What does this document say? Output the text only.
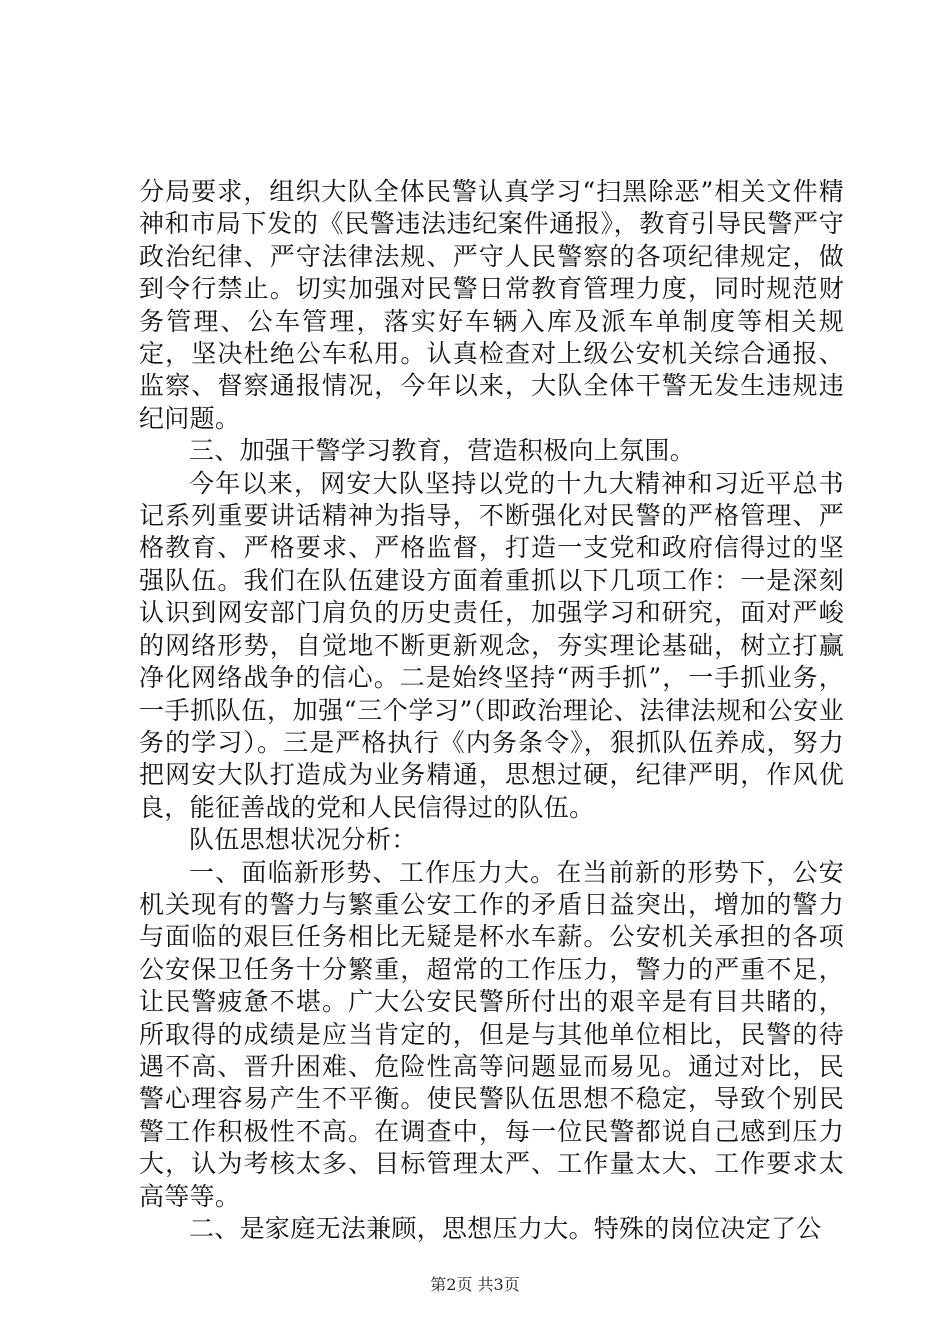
分局要求，组织大队全体民警认真学习“扫黑除恶”相关文件精神和市局下发的《民警违法违纪案件通报》，教育引导民警严守政治纪律、严守法律法规、严守人民警察的各项纪律规定，做到令行禁止。切实加强对民警日常教育管理力度，同时规范财务管理、公车管理，落实好车辆入库及派车单制度等相关规定，坚决杜绝公车私用。认真检查对上级公安机关综合通报、监察、督察通报情况，今年以来，大队全体干警无发生违规违纪问题。

三、加强干警学习教育，营造积极向上氛围。

今年以来，网安大队坚持以党的十九大精神和习近平总书记系列重要讲话精神为指导，不断强化对民警的严格管理、严格教育、严格要求、严格监督，打造一支党和政府信得过的坚强队伍。我们在队伍建设方面着重抓以下几项工作：一是深刻认识到网安部门肩负的历史责任，加强学习和研究，面对严峻的网络形势，自觉地不断更新观念，夯实理论基础，树立打赢净化网络战争的信心。二是始终坚持“两手抓”，一手抓业务，一手抓队伍，加强“三个学习”（即政治理论、法律法规和公安业务的学习）。三是严格执行《内务条令》，狠抓队伍养成，努力把网安大队打造成为业务精通，思想过硬，纪律严明，作风优良，能征善战的党和人民信得过的队伍。

队伍思想状况分析：

一、面临新形势、工作压力大。在当前新的形势下，公安机关现有的警力与繁重公安工作的矛盾日益突出，增加的警力与面临的艰巨任务相比无疑是杯水车薪。公安机关承担的各项公安保卫任务十分繁重，超常的工作压力，警力的严重不足，让民警疲惫不堪。广大公安民警所付出的艰辛是有目共睹的，所取得的成绩是应当肯定的，但是与其他单位相比，民警的待遇不高、晋升困难、危险性高等问题显而易见。通过对比，民警心理容易产生不平衡。使民警队伍思想不稳定，导致个别民警工作积极性不高。在调查中，每一位民警都说自己感到压力大，认为考核太多、目标管理太严、工作量太大、工作要求太高等等。

二、是家庭无法兼顾，思想压力大。特殊的岗位决定了公

第2页 共3页
